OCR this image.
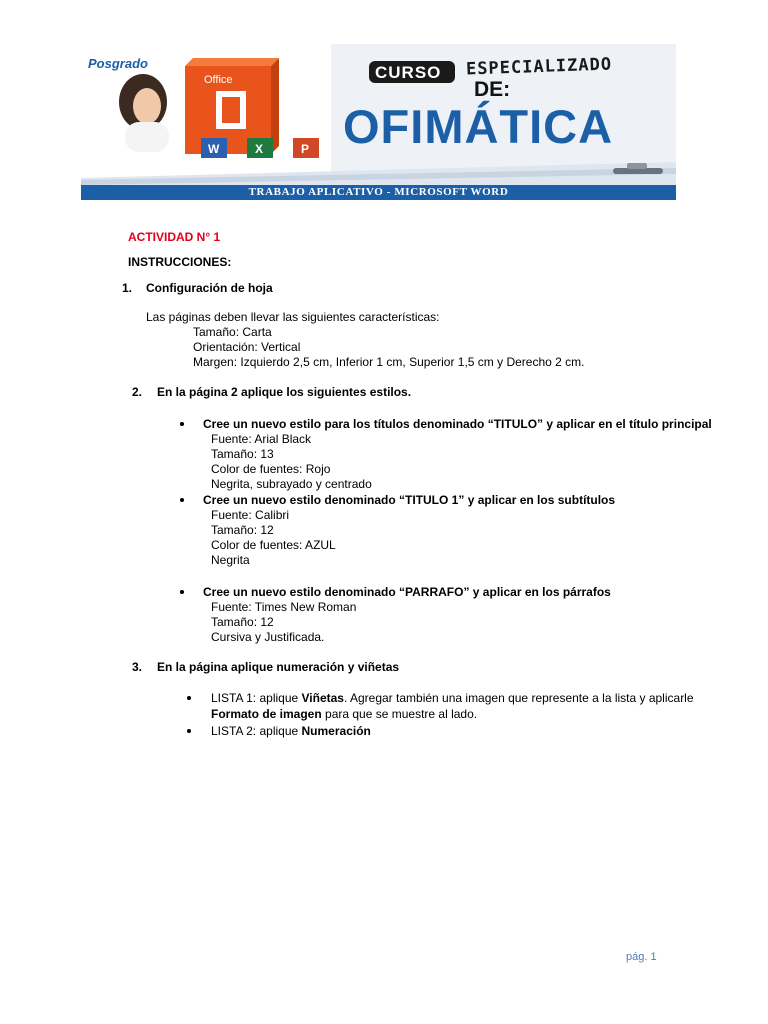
W	X	P
Posgrado
Office	CURSO ESPECIALIZADO
DE:
OFIMÁTICA
TRABAJO APLICATIVO - MICROSOFT WORD
ACTIVIDAD N° 1
INSTRUCCIONES:
1. Configuración de hoja
Las páginas deben llevar las siguientes características:
Tamaño: Carta
Orientación: Vertical
Margen: Izquierdo 2,5 cm, Inferior 1 cm, Superior 1,5 cm y Derecho 2 cm.
2. En la página 2 aplique los siguientes estilos.
Cree un nuevo estilo para los títulos denominado “TITULO” y aplicar en el título principal
Fuente: Arial Black
Tamaño: 13
Color de fuentes: Rojo
Negrita, subrayado y centrado
Cree un nuevo estilo denominado “TITULO 1” y aplicar en los subtítulos
Fuente: Calibri
Tamaño: 12
Color de fuentes: AZUL
Negrita
Cree un nuevo estilo denominado “PARRAFO” y aplicar en los párrafos
Fuente: Times New Roman
Tamaño: 12
Cursiva y Justificada.
3. En la página aplique numeración y viñetas
LISTA 1: aplique Viñetas. Agregar también una imagen que represente a la lista y aplicarle
Formato de imagen para que se muestre al lado.
LISTA 2: aplique Numeración
pág. 1
